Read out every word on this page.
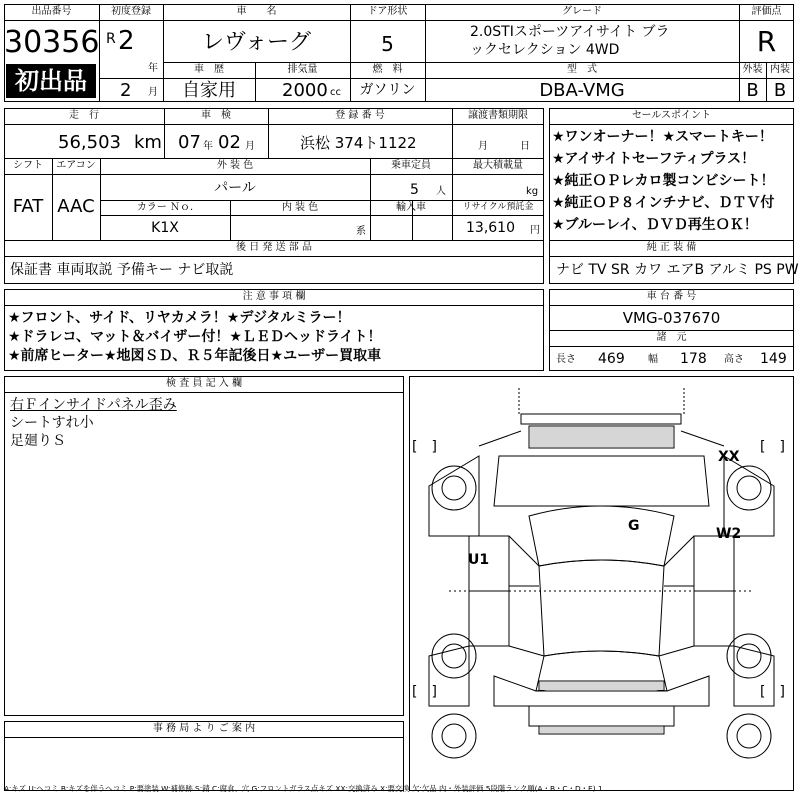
出品番号
30356
初出品
初度登録
R 2
年
2 月
車　　名
レヴォーグ
車　歴
自家用
排気量
2000 cc
ドア形状
5
燃　料
ガソリン
グレード
2.0STIスポーツアイサイト ブラ
ックセレクション 4WD
型　式
DBA-VMG
評価点
R
外装 内装
B B
走　行
56,503 km
車　検
07 年 02 月
登 録 番 号
浜松 374ト1122
譲渡書類期限
月	日
シフト	エアコン
FAT AAC
外 装 色
パール
乗車定員
5 人
最大積載量
kg
カラー Ｎｏ.
K1X
内 装 色
系
輸入車	リサイクル預託金
13,610 円
後 日 発 送 部 品
保証書 車両取説 予備キー ナビ取説
セールスポイント
★ワンオーナー！★スマートキー！
★アイサイトセーフティプラス！
★純正ＯＰレカロ製コンビシート！
★純正ＯＰ８インチナビ、ＤＴＶ付
★ブルーレイ、ＤＶＤ再生ＯＫ！
純 正 装 備
ナビ TV SR カワ エアB アルミ PS PW
注 意 事 項 欄
★フロント、サイド、リヤカメラ！★デジタルミラー！
★ドラレコ、マット＆バイザー付！★ＬＥＤヘッドライト！
★前席ヒーター★地図ＳＤ、Ｒ５年記後日★ユーザー買取車
車 台 番 号
VMG-037670
諸　元
長さ 469 幅 178 高さ 149
検 査 員 記 入 欄
右Ｆインサイドパネル歪み
シートすれ小
足廻りＳ	[　]	[　]
[　]	[　]
XX
G	W2
U1
事 務 局 よ り ご 案 内
A:キズ U:ヘコミ B:キズを伴うヘコミ P:要塗装 W:補修跡 S:錆 C:腐食、穴 G:フロントガラス点キズ XX:交換済み X:要交換 欠:欠品 内・外装評価 5段階ランク順(A・B・C・D・E) 1
